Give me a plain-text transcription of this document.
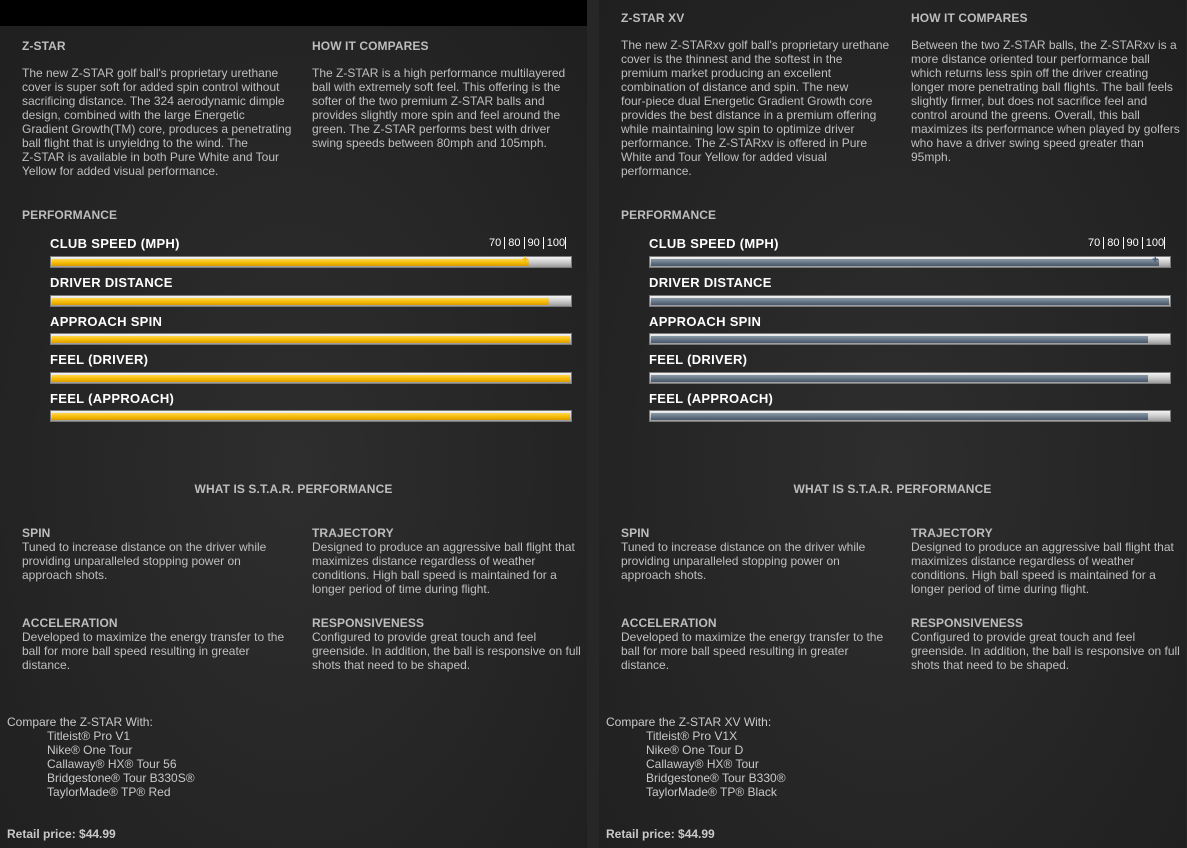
Z-STAR

The new Z-STAR golf ball's proprietary urethane
cover is super soft for added spin control without
sacrificing distance. The 324 aerodynamic dimple
design, combined with the large Energetic
Gradient Growth(TM) core, produces a penetrating
ball flight that is unyieldng to the wind. The
Z-STAR is available in both Pure White and Tour
Yellow for added visual performance.

HOW IT COMPARES

The Z-STAR is a high performance multilayered
ball with extremely soft feel. This offering is the
softer of the two premium Z-STAR balls and
provides slightly more spin and feel around the
green. The Z-STAR performs best with driver
swing speeds between 80mph and 105mph.

PERFORMANCE
70 80 90 100
CLUB SPEED (MPH)
+
DRIVER DISTANCE
APPROACH SPIN
FEEL (DRIVER)
FEEL (APPROACH)
WHAT IS S.T.A.R. PERFORMANCE
SPIN

Tuned to increase distance on the driver while
providing unparalleled stopping power on
approach shots.

TRAJECTORY

Designed to produce an aggressive ball flight that
maximizes distance regardless of weather
conditions. High ball speed is maintained for a
longer period of time during flight.

ACCELERATION

Developed to maximize the energy transfer to the
ball for more ball speed resulting in greater
distance.

RESPONSIVENESS

Configured to provide great touch and feel
greenside. In addition, the ball is responsive on full
shots that need to be shaped.

Compare the Z-STAR With:
Titleist® Pro V1
Nike® One Tour
Callaway® HX® Tour 56
Bridgestone® Tour B330S®
TaylorMade® TP® Red
Retail price: $44.99
Z-STAR XV

The new Z-STARxv golf ball's proprietary urethane
cover is the thinnest and the softest in the
premium market producing an excellent
combination of distance and spin. The new
four-piece dual Energetic Gradient Growth core
provides the best distance in a premium offering
while maintaining low spin to optimize driver
performance. The Z-STARxv is offered in Pure
White and Tour Yellow for added visual
performance.

HOW IT COMPARES

Between the two Z-STAR balls, the Z-STARxv is a
more distance oriented tour performance ball
which returns less spin off the driver creating
longer more penetrating ball flights. The ball feels
slightly firmer, but does not sacrifice feel and
control around the greens. Overall, this ball
maximizes its performance when played by golfers
who have a driver swing speed greater than
95mph.

PERFORMANCE
70 80 90 100
CLUB SPEED (MPH)
+
DRIVER DISTANCE
APPROACH SPIN
FEEL (DRIVER)
FEEL (APPROACH)
WHAT IS S.T.A.R. PERFORMANCE
SPIN

Tuned to increase distance on the driver while
providing unparalleled stopping power on
approach shots.

TRAJECTORY

Designed to produce an aggressive ball flight that
maximizes distance regardless of weather
conditions. High ball speed is maintained for a
longer period of time during flight.

ACCELERATION

Developed to maximize the energy transfer to the
ball for more ball speed resulting in greater
distance.

RESPONSIVENESS

Configured to provide great touch and feel
greenside. In addition, the ball is responsive on full
shots that need to be shaped.

Compare the Z-STAR XV With:
Titleist® Pro V1X
Nike® One Tour D
Callaway® HX® Tour
Bridgestone® Tour B330®
TaylorMade® TP® Black
Retail price: $44.99
